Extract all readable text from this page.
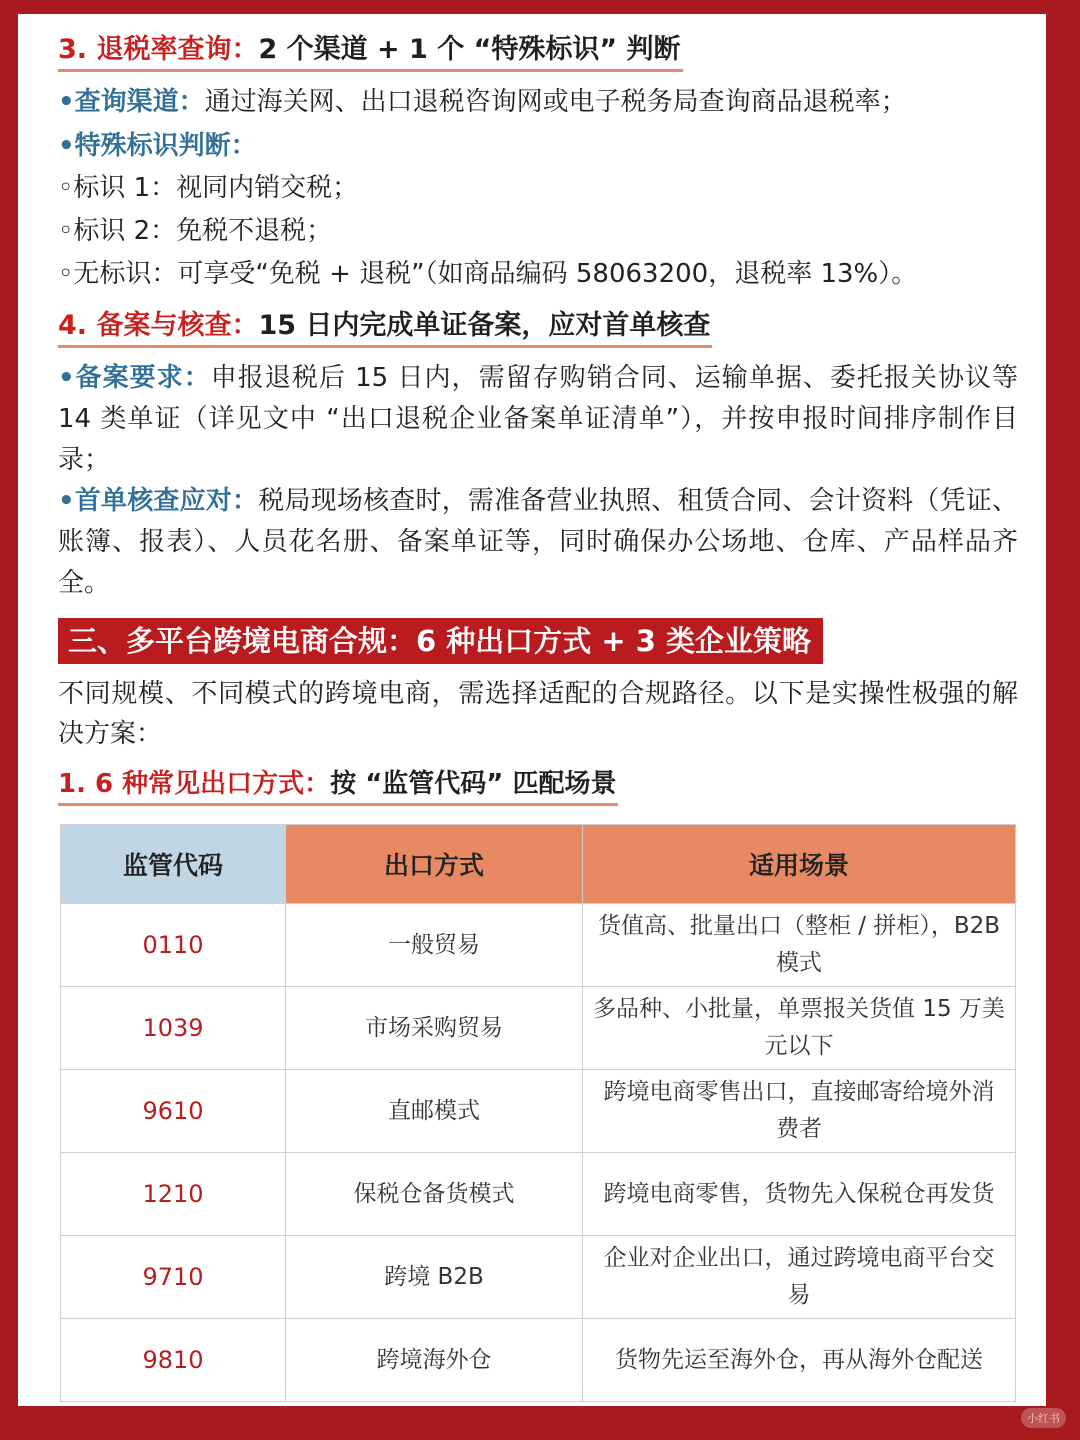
3. 退税率查询：2 个渠道 + 1 个 “特殊标识” 判断

•查询渠道：通过海关网、出口退税咨询网或电子税务局查询商品退税率；

•特殊标识判断：

◦标识 1：视同内销交税；

◦标识 2：免税不退税；

◦无标识：可享受“免税 + 退税”（如商品编码 58063200，退税率 13%）。

4. 备案与核查：15 日内完成单证备案，应对首单核查

•备案要求：申报退税后 15 日内，需留存购销合同、运输单据、委托报关协议等 14 类单证（详见文中 “出口退税企业备案单证清单”），并按申报时间排序制作目录；

•首单核查应对：税局现场核查时，需准备营业执照、租赁合同、会计资料（凭证、账簿、报表）、人员花名册、备案单证等，同时确保办公场地、仓库、产品样品齐全。

三、多平台跨境电商合规：6 种出口方式 + 3 类企业策略

不同规模、不同模式的跨境电商，需选择适配的合规路径。以下是实操性极强的解决方案：

1. 6 种常见出口方式：按 “监管代码” 匹配场景
监管代码	出口方式	适用场景
0110	一般贸易	货值高、批量出口（整柜 / 拼柜），B2B 模式
1039	市场采购贸易	多品种、小批量，单票报关货值 15 万美元以下
9610	直邮模式	跨境电商零售出口，直接邮寄给境外消费者
1210	保税仓备货模式	跨境电商零售，货物先入保税仓再发货
9710	跨境 B2B	企业对企业出口，通过跨境电商平台交易
9810	跨境海外仓	货物先运至海外仓，再从海外仓配送
小红书
